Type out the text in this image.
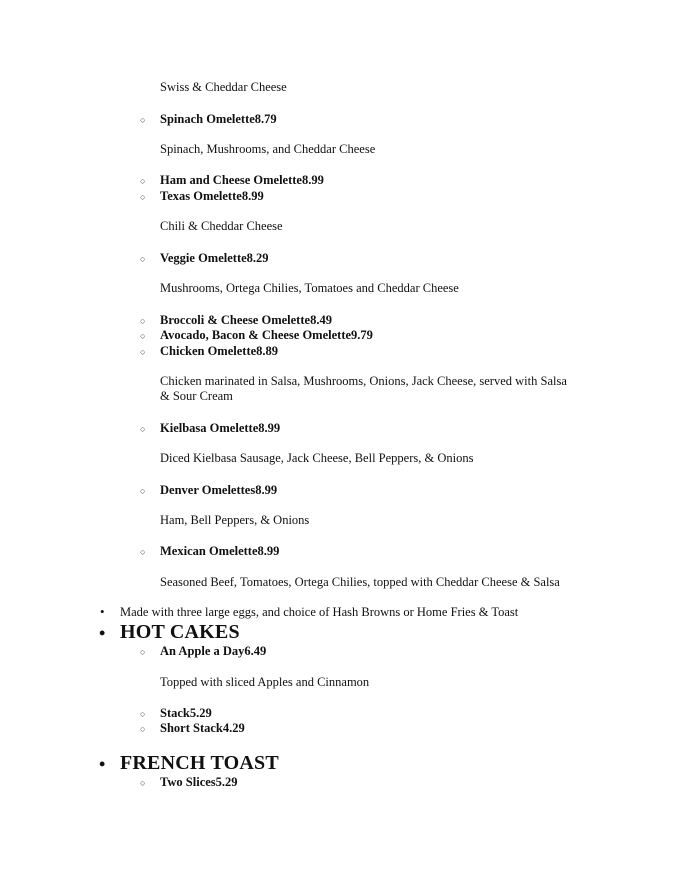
Swiss & Cheddar Cheese
○ Spinach Omelette8.79
Spinach, Mushrooms, and Cheddar Cheese
○ Ham and Cheese Omelette8.99
○ Texas Omelette8.99
Chili & Cheddar Cheese
○ Veggie Omelette8.29
Mushrooms, Ortega Chilies, Tomatoes and Cheddar Cheese
○ Broccoli & Cheese Omelette8.49
○ Avocado, Bacon & Cheese Omelette9.79
○ Chicken Omelette8.89
Chicken marinated in Salsa, Mushrooms, Onions, Jack Cheese, served with Salsa
& Sour Cream
○ Kielbasa Omelette8.99
Diced Kielbasa Sausage, Jack Cheese, Bell Peppers, & Onions
○ Denver Omelettes8.99
Ham, Bell Peppers, & Onions
○ Mexican Omelette8.99
Seasoned Beef, Tomatoes, Ortega Chilies, topped with Cheddar Cheese & Salsa
• Made with three large eggs, and choice of Hash Browns or Home Fries & Toast
• HOT CAKES
○ An Apple a Day6.49
Topped with sliced Apples and Cinnamon
○ Stack5.29
○ Short Stack4.29
• FRENCH TOAST
○ Two Slices5.29
